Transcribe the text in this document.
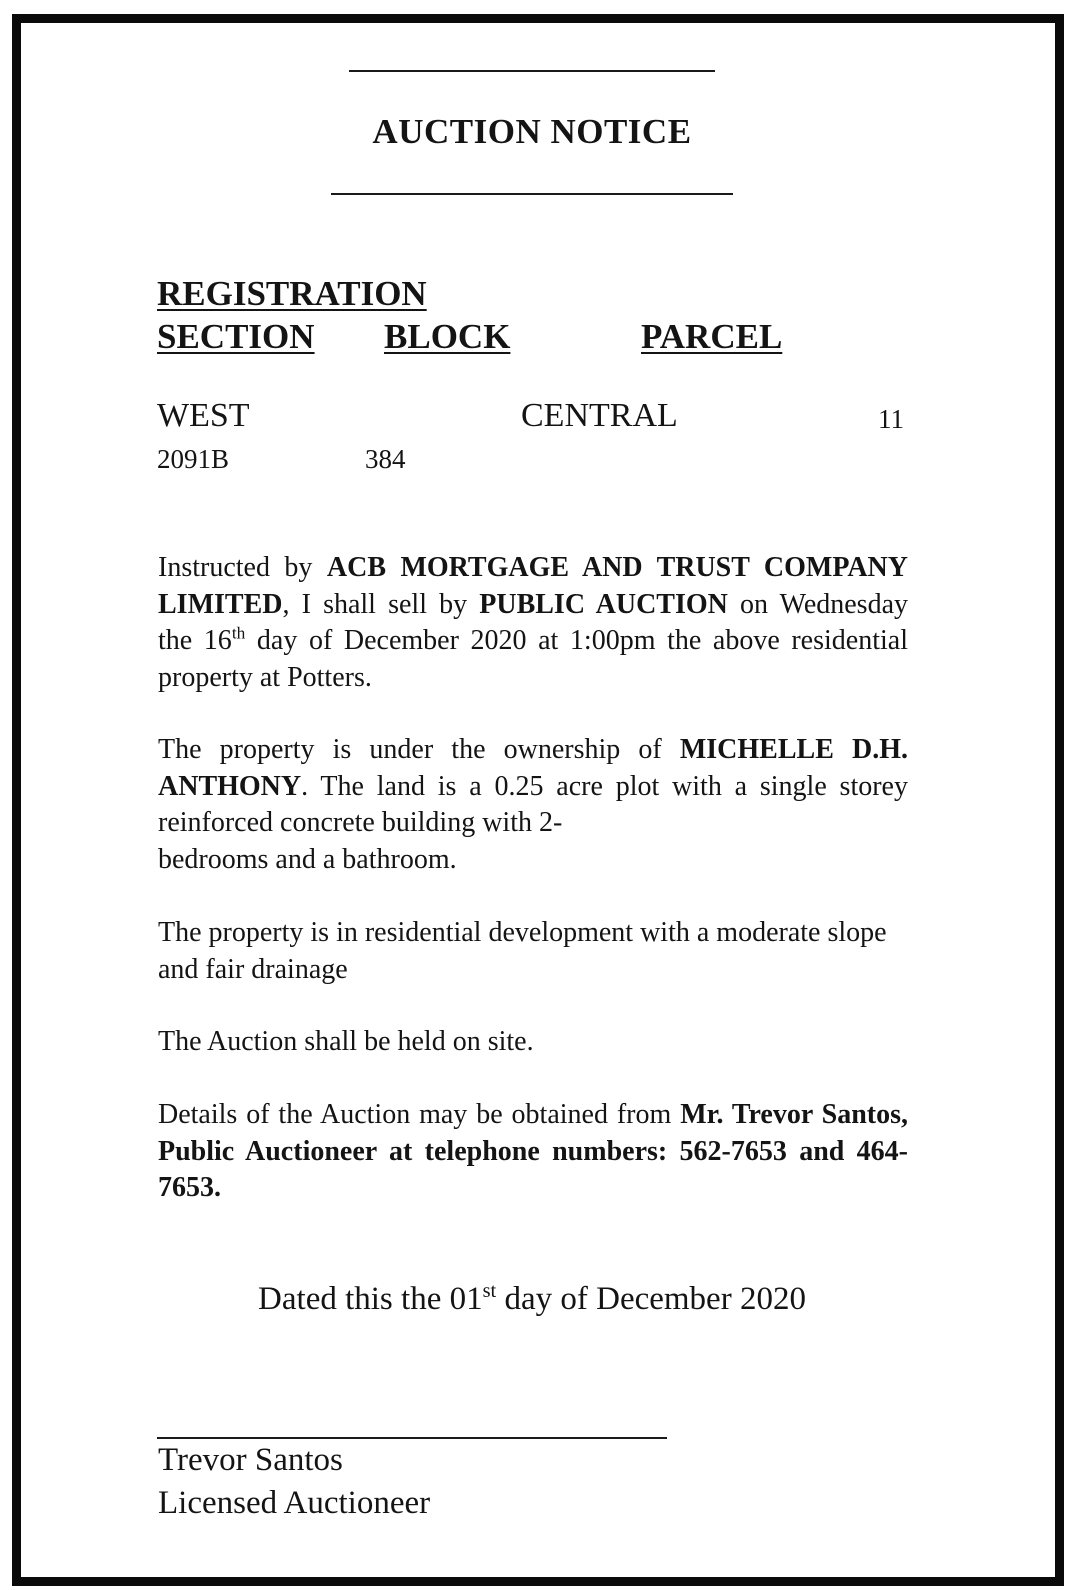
AUCTION NOTICE
REGISTRATION
SECTION BLOCK	PARCEL
WEST	CENTRAL	11
2091B	384
Instructed by ACB MORTGAGE AND TRUST COMPANY LIMITED, I shall sell by PUBLIC AUCTION on Wednesday the 16th day of December 2020 at 1:00pm the above residential property at Potters.
The property is under the ownership of MICHELLE D.H. ANTHONY. The land is a 0.25 acre plot with a single storey reinforced concrete building with 2-
bedrooms and a bathroom.
The property is in residential development with a moderate slope and fair drainage
The Auction shall be held on site.
Details of the Auction may be obtained from Mr. Trevor Santos, Public Auctioneer at telephone numbers: 562-7653 and 464-7653.
Dated this the 01st day of December 2020
Trevor Santos
Licensed Auctioneer
